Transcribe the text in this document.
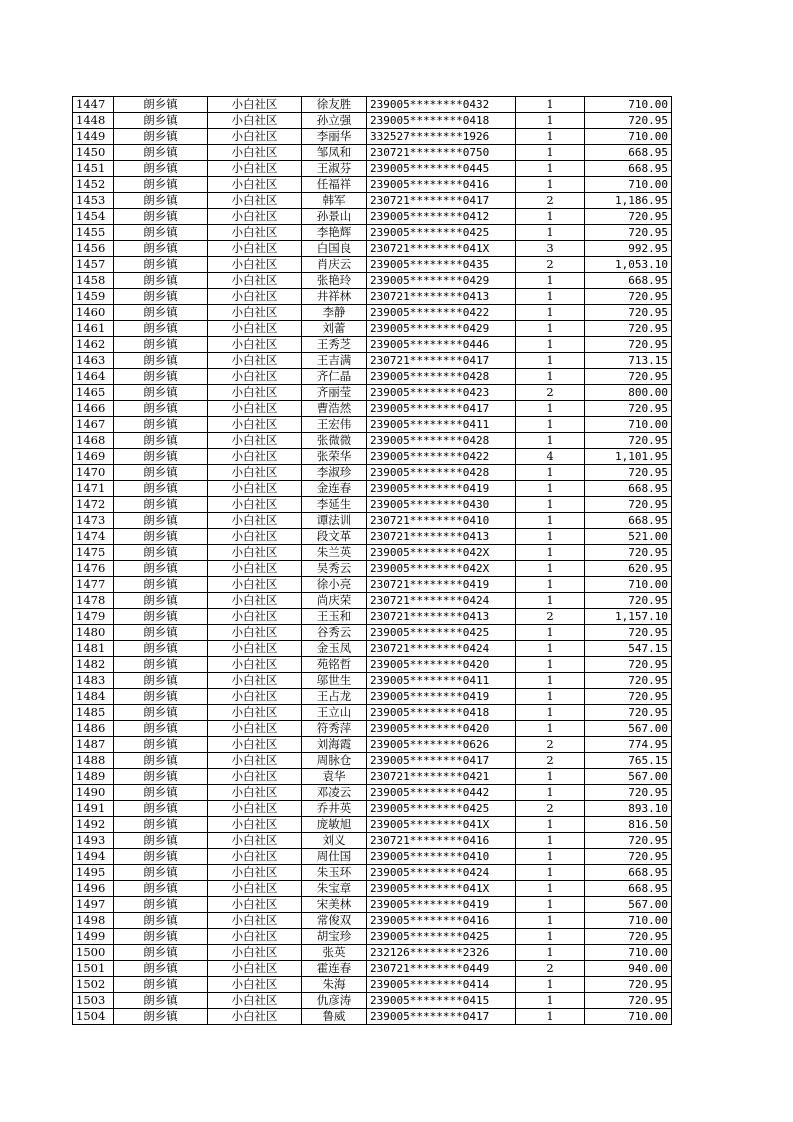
1447	朗乡镇	小白社区	徐友胜	239005********0432	1	710.00
1448	朗乡镇	小白社区	孙立强	239005********0418	1	720.95
1449	朗乡镇	小白社区	李丽华	332527********1926	1	710.00
1450	朗乡镇	小白社区	邹凤和	230721********0750	1	668.95
1451	朗乡镇	小白社区	王淑芬	239005********0445	1	668.95
1452	朗乡镇	小白社区	任福祥	239005********0416	1	710.00
1453	朗乡镇	小白社区	韩军	230721********0417	2	1,186.95
1454	朗乡镇	小白社区	孙景山	239005********0412	1	720.95
1455	朗乡镇	小白社区	李艳辉	239005********0425	1	720.95
1456	朗乡镇	小白社区	白国良	230721********041X	3	992.95
1457	朗乡镇	小白社区	肖庆云	239005********0435	2	1,053.10
1458	朗乡镇	小白社区	张艳玲	239005********0429	1	668.95
1459	朗乡镇	小白社区	井祥林	230721********0413	1	720.95
1460	朗乡镇	小白社区	李静	239005********0422	1	720.95
1461	朗乡镇	小白社区	刘蕾	239005********0429	1	720.95
1462	朗乡镇	小白社区	王秀芝	239005********0446	1	720.95
1463	朗乡镇	小白社区	王吉满	230721********0417	1	713.15
1464	朗乡镇	小白社区	齐仁晶	239005********0428	1	720.95
1465	朗乡镇	小白社区	齐丽莹	239005********0423	2	800.00
1466	朗乡镇	小白社区	曹浩然	239005********0417	1	720.95
1467	朗乡镇	小白社区	王宏伟	239005********0411	1	710.00
1468	朗乡镇	小白社区	张微微	239005********0428	1	720.95
1469	朗乡镇	小白社区	张荣华	239005********0422	4	1,101.95
1470	朗乡镇	小白社区	李淑珍	239005********0428	1	720.95
1471	朗乡镇	小白社区	金连春	239005********0419	1	668.95
1472	朗乡镇	小白社区	李延生	239005********0430	1	720.95
1473	朗乡镇	小白社区	谭法训	230721********0410	1	668.95
1474	朗乡镇	小白社区	段文革	230721********0413	1	521.00
1475	朗乡镇	小白社区	朱兰英	239005********042X	1	720.95
1476	朗乡镇	小白社区	吴秀云	239005********042X	1	620.95
1477	朗乡镇	小白社区	徐小亮	230721********0419	1	710.00
1478	朗乡镇	小白社区	尚庆荣	230721********0424	1	720.95
1479	朗乡镇	小白社区	王玉和	230721********0413	2	1,157.10
1480	朗乡镇	小白社区	谷秀云	239005********0425	1	720.95
1481	朗乡镇	小白社区	金玉凤	230721********0424	1	547.15
1482	朗乡镇	小白社区	苑铭哲	239005********0420	1	720.95
1483	朗乡镇	小白社区	邬世生	239005********0411	1	720.95
1484	朗乡镇	小白社区	王占龙	239005********0419	1	720.95
1485	朗乡镇	小白社区	王立山	239005********0418	1	720.95
1486	朗乡镇	小白社区	符秀萍	239005********0420	1	567.00
1487	朗乡镇	小白社区	刘海霞	239005********0626	2	774.95
1488	朗乡镇	小白社区	周脉仓	239005********0417	2	765.15
1489	朗乡镇	小白社区	袁华	230721********0421	1	567.00
1490	朗乡镇	小白社区	邓凌云	239005********0442	1	720.95
1491	朗乡镇	小白社区	乔井英	239005********0425	2	893.10
1492	朗乡镇	小白社区	庞敏旭	239005********041X	1	816.50
1493	朗乡镇	小白社区	刘义	230721********0416	1	720.95
1494	朗乡镇	小白社区	周仕国	239005********0410	1	720.95
1495	朗乡镇	小白社区	朱玉环	239005********0424	1	668.95
1496	朗乡镇	小白社区	朱宝章	239005********041X	1	668.95
1497	朗乡镇	小白社区	宋美林	239005********0419	1	567.00
1498	朗乡镇	小白社区	常俊双	239005********0416	1	710.00
1499	朗乡镇	小白社区	胡宝珍	239005********0425	1	720.95
1500	朗乡镇	小白社区	张英	232126********2326	1	710.00
1501	朗乡镇	小白社区	霍连春	230721********0449	2	940.00
1502	朗乡镇	小白社区	朱海	239005********0414	1	720.95
1503	朗乡镇	小白社区	仇彦涛	239005********0415	1	720.95
1504	朗乡镇	小白社区	鲁威	239005********0417	1	710.00
